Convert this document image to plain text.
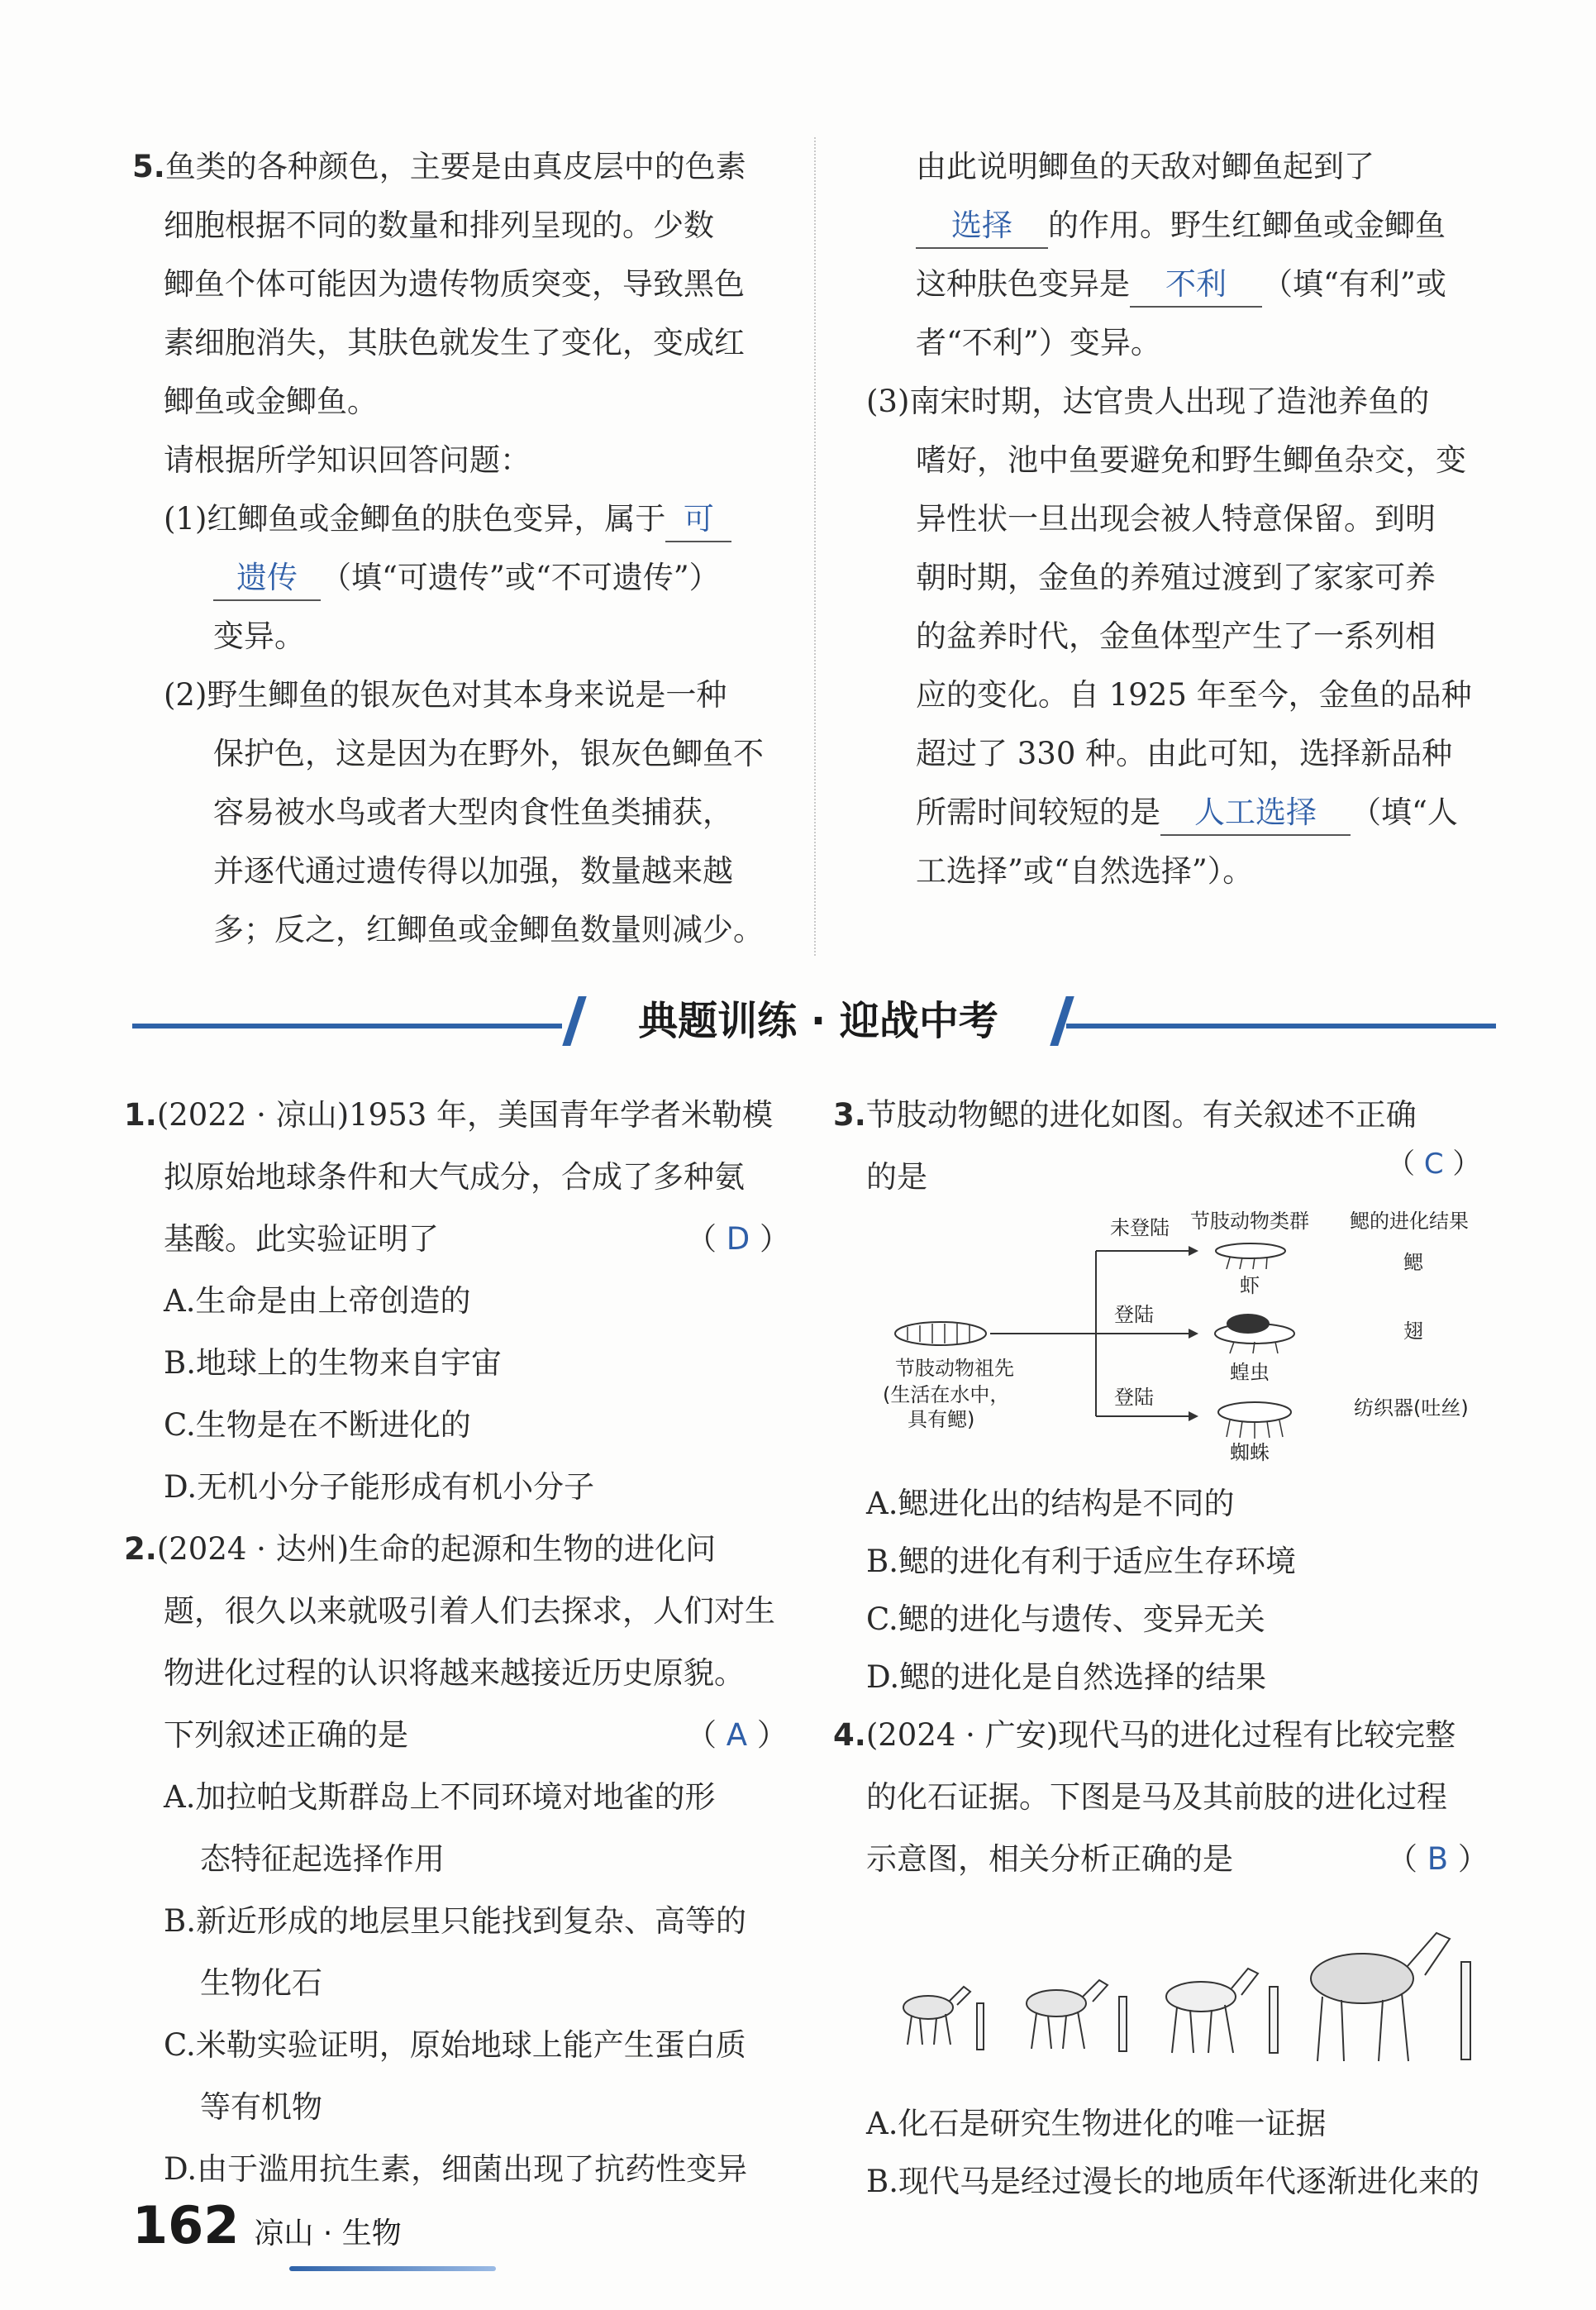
5.鱼类的各种颜色，主要是由真皮层中的色素
细胞根据不同的数量和排列呈现的。少数
鲫鱼个体可能因为遗传物质突变，导致黑色
素细胞消失，其肤色就发生了变化，变成红
鲫鱼或金鲫鱼。
请根据所学知识回答问题：
(1)红鲫鱼或金鲫鱼的肤色变异，属于 可
遗传 （填“可遗传”或“不可遗传”）
变异。
(2)野生鲫鱼的银灰色对其本身来说是一种
保护色，这是因为在野外，银灰色鲫鱼不
容易被水鸟或者大型肉食性鱼类捕获，
并逐代通过遗传得以加强，数量越来越
多；反之，红鲫鱼或金鲫鱼数量则减少。
由此说明鲫鱼的天敌对鲫鱼起到了
选择 的作用。野生红鲫鱼或金鲫鱼
这种肤色变异是 不利 （填“有利”或
者“不利”）变异。
(3)南宋时期，达官贵人出现了造池养鱼的
嗜好，池中鱼要避免和野生鲫鱼杂交，变
异性状一旦出现会被人特意保留。到明
朝时期，金鱼的养殖过渡到了家家可养
的盆养时代，金鱼体型产生了一系列相
应的变化。自 1925 年至今，金鱼的品种
超过了 330 种。由此可知，选择新品种
所需时间较短的是 人工选择 （填“人
工选择”或“自然选择”）。
典题训练 · 迎战中考
1.(2022 · 凉山)1953 年，美国青年学者米勒模
拟原始地球条件和大气成分，合成了多种氨
基酸。此实验证明了	（ D ）
A.生命是由上帝创造的
B.地球上的生物来自宇宙
C.生物是在不断进化的
D.无机小分子能形成有机小分子
2.(2024 · 达州)生命的起源和生物的进化问
题，很久以来就吸引着人们去探求，人们对生
物进化过程的认识将越来越接近历史原貌。
下列叙述正确的是	（ A ）
A.加拉帕戈斯群岛上不同环境对地雀的形
态特征起选择作用
B.新近形成的地层里只能找到复杂、高等的
生物化石
C.米勒实验证明，原始地球上能产生蛋白质
等有机物
D.由于滥用抗生素，细菌出现了抗药性变异
3.节肢动物鳃的进化如图。有关叙述不正确
的是	（ C ）
未登陆 节肢动物类群 鳃的进化结果
节肢动物祖先
(生活在水中，
具有鳃)
登陆
登陆
虾
蝗虫
蜘蛛
鳃
翅
纺织器(吐丝)
A.鳃进化出的结构是不同的
B.鳃的进化有利于适应生存环境
C.鳃的进化与遗传、变异无关
D.鳃的进化是自然选择的结果
4.(2024 · 广安)现代马的进化过程有比较完整
的化石证据。下图是马及其前肢的进化过程
示意图，相关分析正确的是	（ B ）
A.化石是研究生物进化的唯一证据
B.现代马是经过漫长的地质年代逐渐进化来的
162 凉山 · 生物
